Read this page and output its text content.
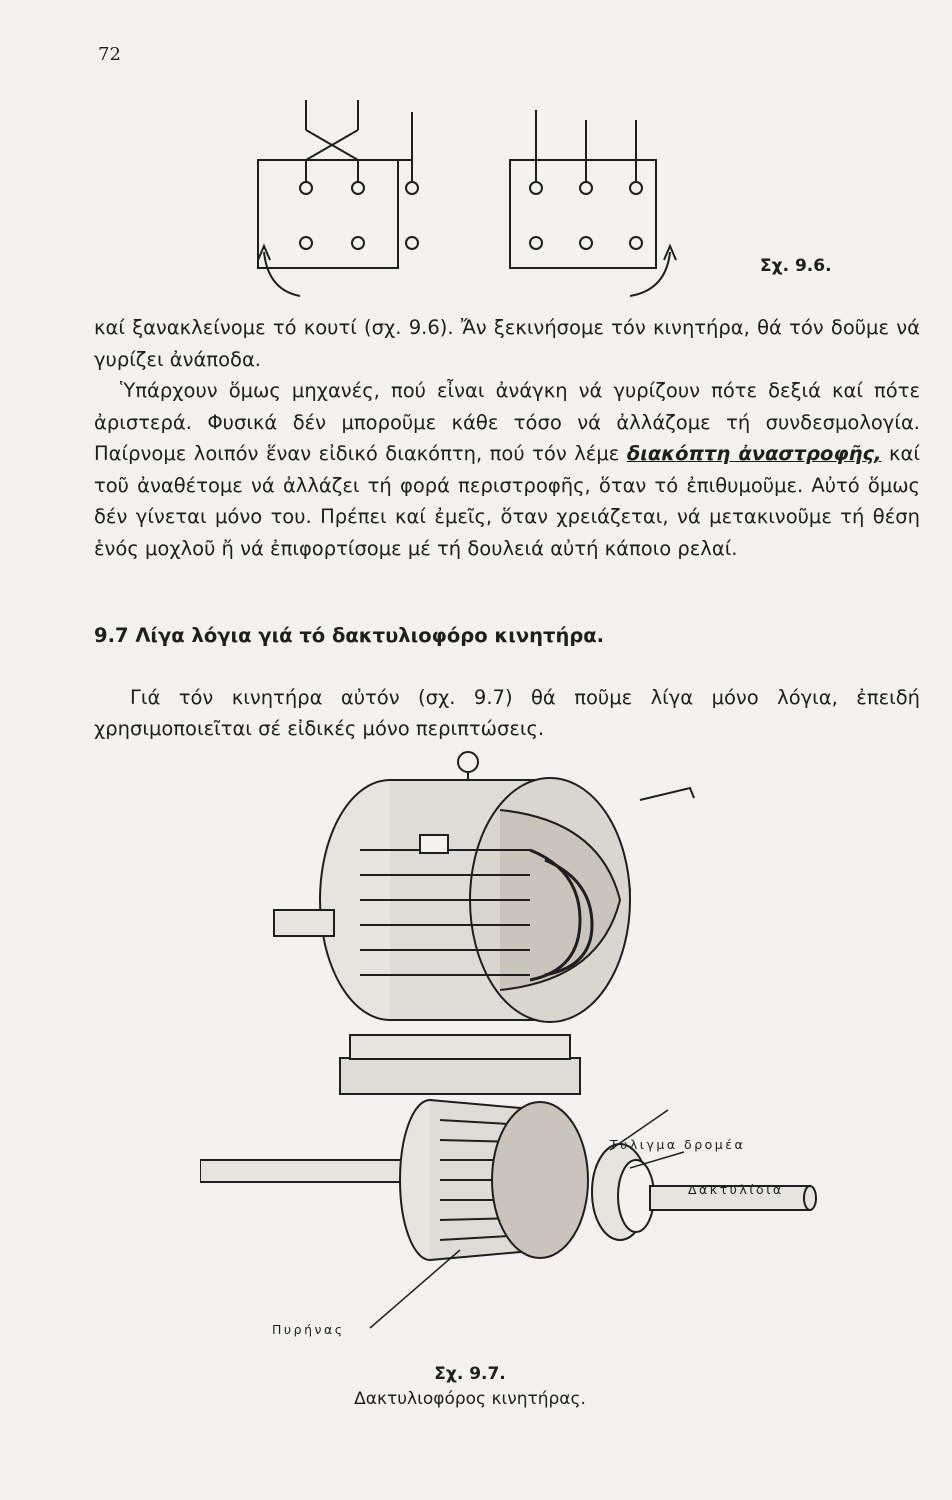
72
Σχ. 9.6.

καί ξανακλείνομε τό κουτί (σχ. 9.6). Ἄν ξεκινήσομε τόν κινητήρα, θά τόν δοῦμε νά γυρίζει ἀνάποδα.

Ὑπάρχουν ὅμως μηχανές, πού εἶναι ἀνάγκη νά γυρίζουν πότε δεξιά καί πότε ἀριστερά. Φυσικά δέν μποροῦμε κάθε τόσο νά ἀλλάζομε τή συνδεσμολογία. Παίρνομε λοιπόν ἕναν εἰδικό διακόπτη, πού τόν λέμε διακόπτη ἀναστροφῆς, καί τοῦ ἀναθέτομε νά ἀλλάζει τή φορά περιστροφῆς, ὅταν τό ἐπιθυμοῦμε. Αὐτό ὅμως δέν γίνεται μόνο του. Πρέπει καί ἐμεῖς, ὅταν χρειάζεται, νά μετακινοῦμε τή θέση ἑνός μοχλοῦ ἤ νά ἐπιφορτίσομε μέ τή δουλειά αὐτή κάποιο ρελαί.

9.7 Λίγα λόγια γιά τό δακτυλιοφόρο κινητήρα.

Γιά τόν κινητήρα αὐτόν (σχ. 9.7) θά ποῦμε λίγα μόνο λόγια, ἐπειδή χρησιμοποιεῖται σέ εἰδικές μόνο περιπτώσεις.

Τύλιγμα δρομέα
Δακτυλίδια
Πυρήνας
Σχ. 9.7.
Δακτυλιοφόρος κινητήρας.
